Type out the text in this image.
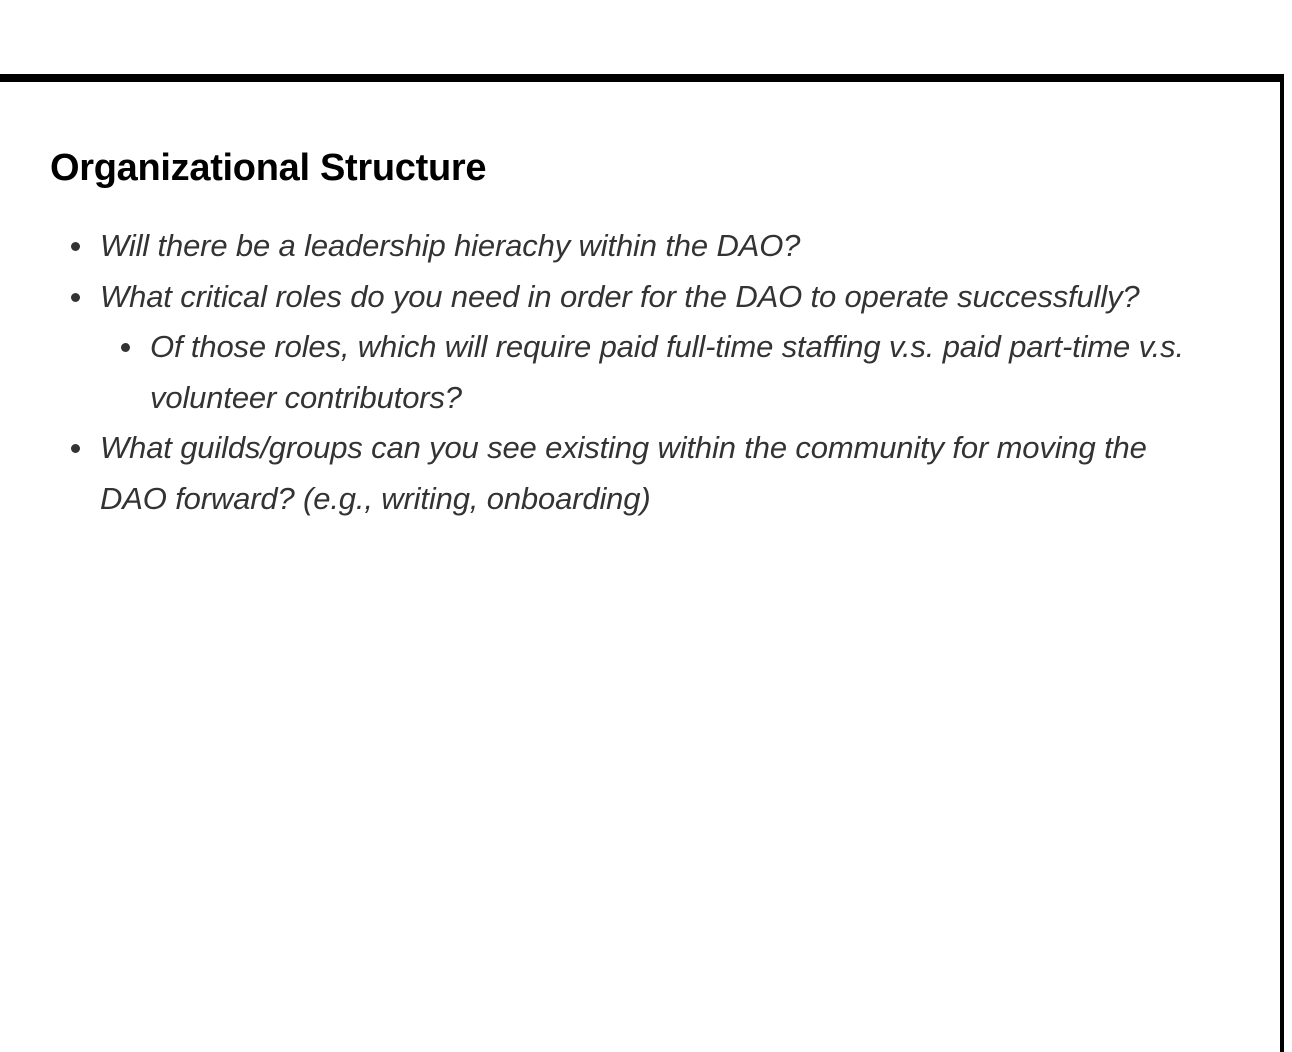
Organizational Structure
Will there be a leadership hierachy within the DAO?
What critical roles do you need in order for the DAO to operate successfully?
Of those roles, which will require paid full-time staffing v.s. paid part-time v.s. volunteer contributors?
What guilds/groups can you see existing within the community for moving the DAO forward? (e.g., writing, onboarding)
